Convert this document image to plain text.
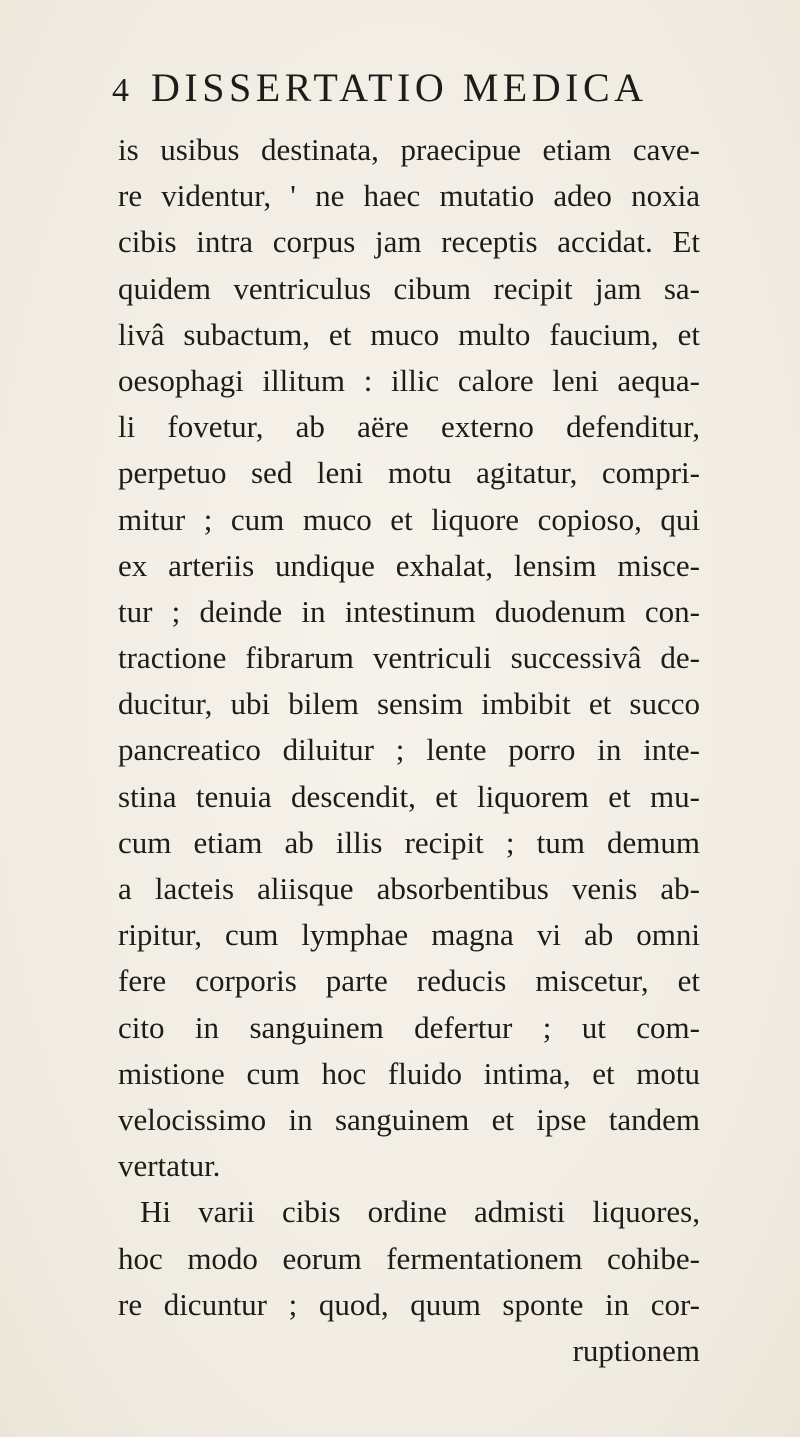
4 DISSERTATIO MEDICA
is usibus destinata, praecipue etiam cave-
re videntur, ' ne haec mutatio adeo noxia
cibis intra corpus jam receptis accidat. Et
quidem ventriculus cibum recipit jam sa-
livâ subactum, et muco multo faucium, et
oesophagi illitum : illic calore leni aequa-
li fovetur, ab aëre externo defenditur,
perpetuo sed leni motu agitatur, compri-
mitur ; cum muco et liquore copioso, qui
ex arteriis undique exhalat, lensim misce-
tur ; deinde in intestinum duodenum con-
tractione fibrarum ventriculi successivâ de-
ducitur, ubi bilem sensim imbibit et succo
pancreatico diluitur ; lente porro in inte-
stina tenuia descendit, et liquorem et mu-
cum etiam ab illis recipit ; tum demum
a lacteis aliisque absorbentibus venis ab-
ripitur, cum lymphae magna vi ab omni
fere corporis parte reducis miscetur, et
cito in sanguinem defertur ; ut com-
mistione cum hoc fluido intima, et motu
velocissimo in sanguinem et ipse tandem
vertatur.
Hi varii cibis ordine admisti liquores,
hoc modo eorum fermentationem cohibe-
re dicuntur ; quod, quum sponte in cor-
ruptionem
